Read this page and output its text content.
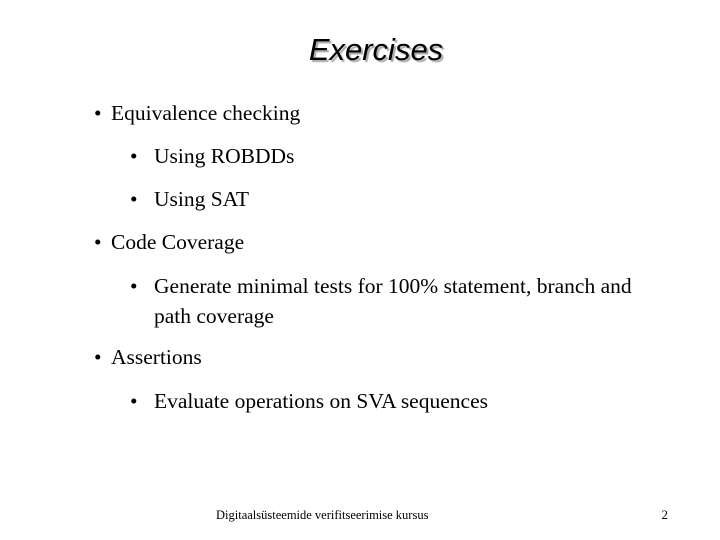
Exercises
• Equivalence checking
• Using ROBDDs
• Using SAT
• Code Coverage
• Generate minimal tests for 100% statement, branch and path coverage
• Assertions
• Evaluate operations on SVA sequences
Digitaalsüsteemide verifitseerimise kursus	2
